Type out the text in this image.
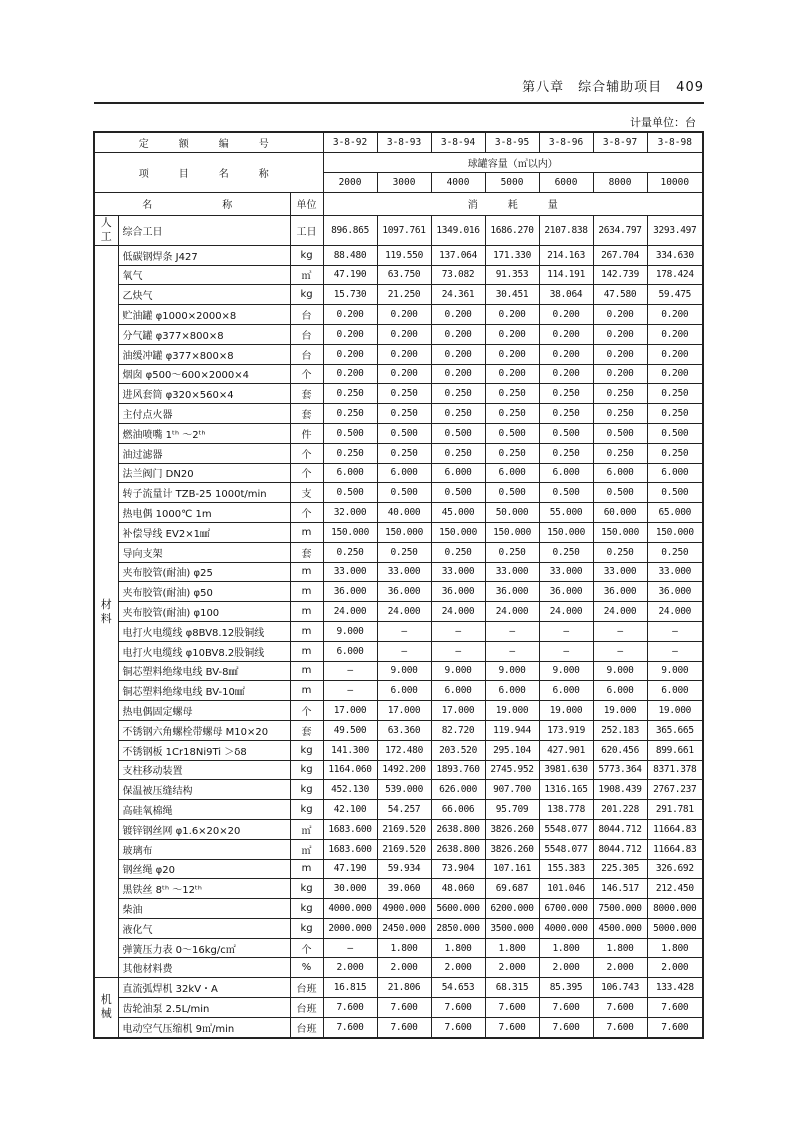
第八章　综合辅助项目　409
计量单位：台
定　额　编　号			3-8-92	3-8-93	3-8-94	3-8-95	3-8-96	3-8-97	3-8-98
项　目　名　称			球罐容量（㎥以内）						
			2000	3000	4000	5000	6000	8000	10000
名　　　称		单位	消　　　耗　　　量						
人工	综合工日	工日	896.865	1097.761	1349.016	1686.270	2107.838	2634.797	3293.497
材料	低碳钢焊条 J427	kg	88.480	119.550	137.064	171.330	214.163	267.704	334.630
	氧气	㎥	47.190	63.750	73.082	91.353	114.191	142.739	178.424
	乙炔气	kg	15.730	21.250	24.361	30.451	38.064	47.580	59.475
	贮油罐 φ1000×2000×8	台	0.200	0.200	0.200	0.200	0.200	0.200	0.200
	分气罐 φ377×800×8	台	0.200	0.200	0.200	0.200	0.200	0.200	0.200
	油缓冲罐 φ377×800×8	台	0.200	0.200	0.200	0.200	0.200	0.200	0.200
	烟囱 φ500～600×2000×4	个	0.200	0.200	0.200	0.200	0.200	0.200	0.200
	进风套筒 φ320×560×4	套	0.250	0.250	0.250	0.250	0.250	0.250	0.250
	主付点火器	套	0.250	0.250	0.250	0.250	0.250	0.250	0.250
	燃油喷嘴 1ᵗʰ ～2ᵗʰ	件	0.500	0.500	0.500	0.500	0.500	0.500	0.500
	油过滤器	个	0.250	0.250	0.250	0.250	0.250	0.250	0.250
	法兰阀门 DN20	个	6.000	6.000	6.000	6.000	6.000	6.000	6.000
	转子流量计 TZB-25 1000t/min	支	0.500	0.500	0.500	0.500	0.500	0.500	0.500
	热电偶 1000℃ 1m	个	32.000	40.000	45.000	50.000	55.000	60.000	65.000
	补偿导线 EV2×1㎟	m	150.000	150.000	150.000	150.000	150.000	150.000	150.000
	导向支架	套	0.250	0.250	0.250	0.250	0.250	0.250	0.250
	夹布胶管(耐油) φ25	m	33.000	33.000	33.000	33.000	33.000	33.000	33.000
	夹布胶管(耐油) φ50	m	36.000	36.000	36.000	36.000	36.000	36.000	36.000
	夹布胶管(耐油) φ100	m	24.000	24.000	24.000	24.000	24.000	24.000	24.000
	电打火电缆线 φ8BV8.12股铜线	m	9.000	—	—	—	—	—	—
	电打火电缆线 φ10BV8.2股铜线	m	6.000	—	—	—	—	—	—
	铜芯塑料绝缘电线 BV-8㎟	m	—	9.000	9.000	9.000	9.000	9.000	9.000
	铜芯塑料绝缘电线 BV-10㎟	m	—	6.000	6.000	6.000	6.000	6.000	6.000
	热电偶固定螺母	个	17.000	17.000	17.000	19.000	19.000	19.000	19.000
	不锈钢六角螺栓带螺母 M10×20	套	49.500	63.360	82.720	119.944	173.919	252.183	365.665
	不锈钢板 1Cr18Ni9Ti ＞δ8	kg	141.300	172.480	203.520	295.104	427.901	620.456	899.661
	支柱移动装置	kg	1164.060	1492.200	1893.760	2745.952	3981.630	5773.364	8371.378
	保温被压缝结构	kg	452.130	539.000	626.000	907.700	1316.165	1908.439	2767.237
	高硅氧棉绳	kg	42.100	54.257	66.006	95.709	138.778	201.228	291.781
	镀锌钢丝网 φ1.6×20×20	㎡	1683.600	2169.520	2638.800	3826.260	5548.077	8044.712	11664.83
	玻璃布	㎡	1683.600	2169.520	2638.800	3826.260	5548.077	8044.712	11664.83
	钢丝绳 φ20	m	47.190	59.934	73.904	107.161	155.383	225.305	326.692
	黑铁丝 8ᵗʰ ～12ᵗʰ	kg	30.000	39.060	48.060	69.687	101.046	146.517	212.450
	柴油	kg	4000.000	4900.000	5600.000	6200.000	6700.000	7500.000	8000.000
	液化气	kg	2000.000	2450.000	2850.000	3500.000	4000.000	4500.000	5000.000
	弹簧压力表 0～16kg/c㎡	个	—	1.800	1.800	1.800	1.800	1.800	1.800
	其他材料费	%	2.000	2.000	2.000	2.000	2.000	2.000	2.000
机械	直流弧焊机 32kV・A	台班	16.815	21.806	54.653	68.315	85.395	106.743	133.428
	齿轮油泵 2.5L/min	台班	7.600	7.600	7.600	7.600	7.600	7.600	7.600
	电动空气压缩机 9㎥/min	台班	7.600	7.600	7.600	7.600	7.600	7.600	7.600
